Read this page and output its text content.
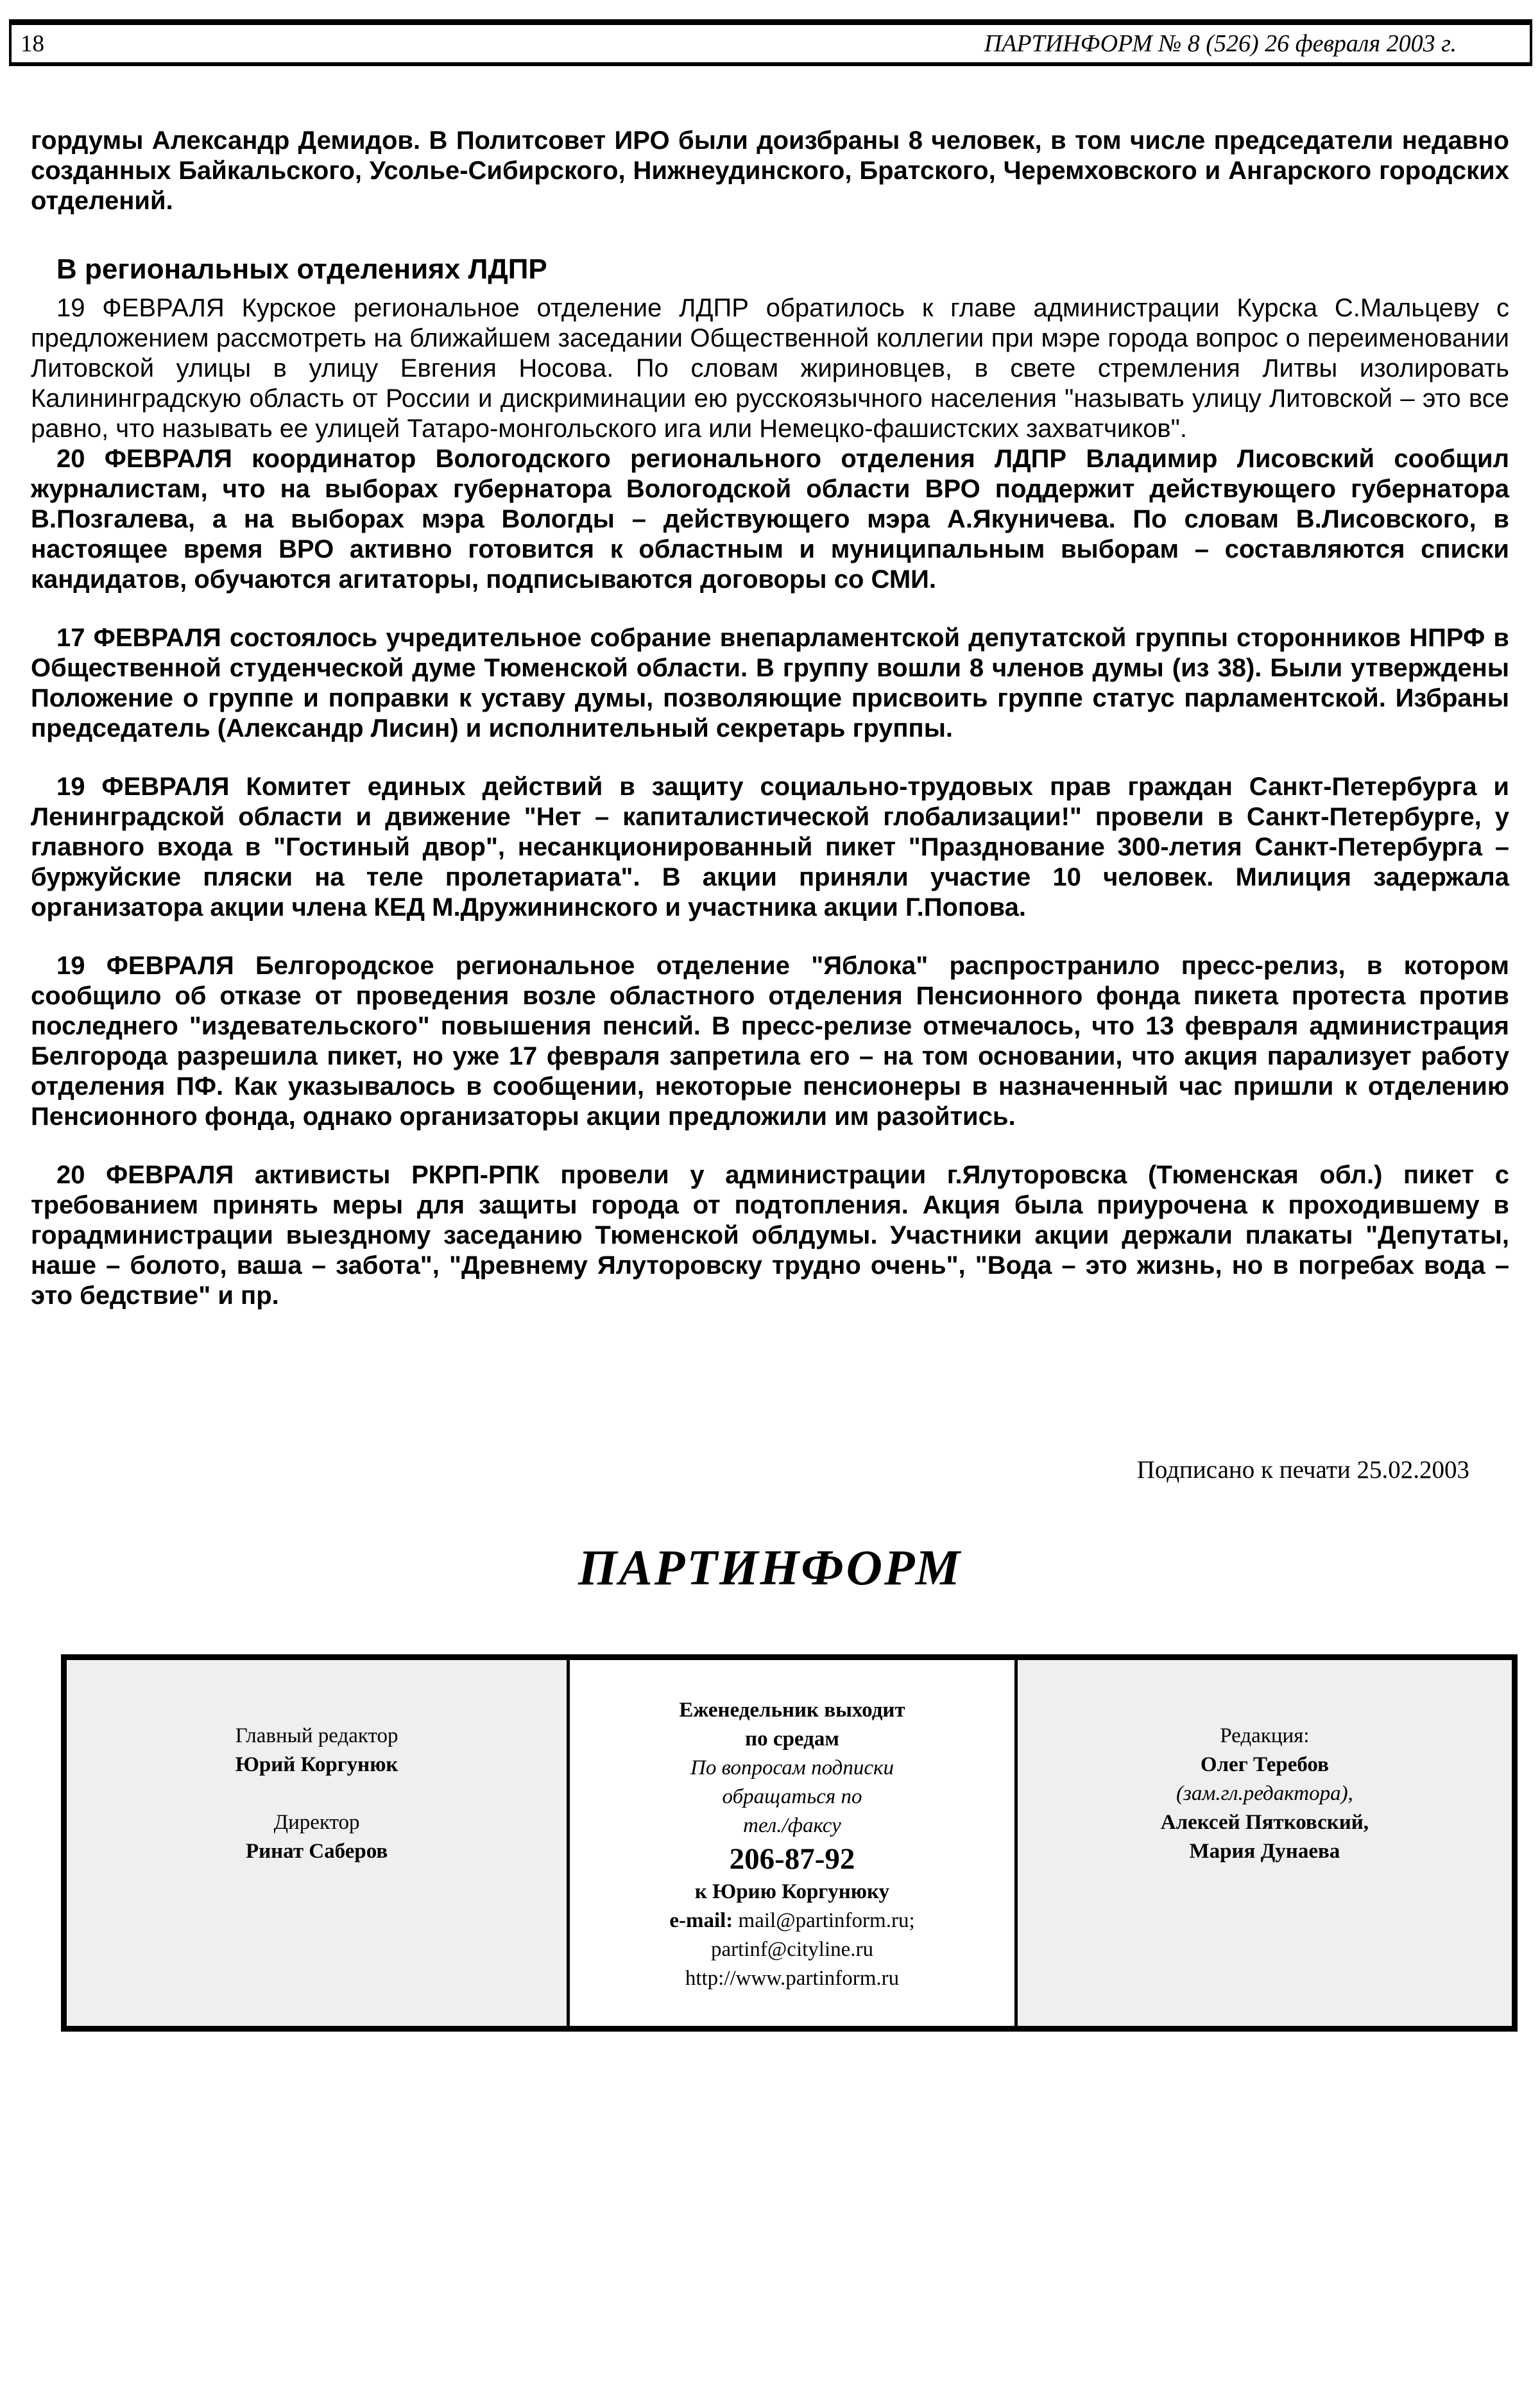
18	ПАРТИНФОРМ № 8 (526) 26 февраля 2003 г.

гордумы Александр Демидов. В Политсовет ИРО были доизбраны 8 человек, в том числе председатели недавно созданных Байкальского, Усолье-Сибирского, Нижнеудинского, Братского, Черемховского и Ангарского городских отделений.

В региональных отделениях ЛДПР

19 ФЕВРАЛЯ Курское региональное отделение ЛДПР обратилось к главе администрации Курска С.Мальцеву с предложением рассмотреть на ближайшем заседании Общественной коллегии при мэре города вопрос о переименовании Литовской улицы в улицу Евгения Носова. По словам жириновцев, в свете стремления Литвы изолировать Калининградскую область от России и дискриминации ею русскоязычного населения "называть улицу Литовской – это все равно, что называть ее улицей Татаро-монгольского ига или Немецко-фашистских захватчиков".

20 ФЕВРАЛЯ координатор Вологодского регионального отделения ЛДПР Владимир Лисовский сообщил журналистам, что на выборах губернатора Вологодской области ВРО поддержит действующего губернатора В.Позгалева, а на выборах мэра Вологды – действующего мэра А.Якуничева. По словам В.Лисовского, в настоящее время ВРО активно готовится к областным и муниципальным выборам – составляются списки кандидатов, обучаются агитаторы, подписываются договоры со СМИ.

17 ФЕВРАЛЯ состоялось учредительное собрание внепарламентской депутатской группы сторонников НПРФ в Общественной студенческой думе Тюменской области. В группу вошли 8 членов думы (из 38). Были утверждены Положение о группе и поправки к уставу думы, позволяющие присвоить группе статус парламентской. Избраны председатель (Александр Лисин) и исполнительный секретарь группы.

19 ФЕВРАЛЯ Комитет единых действий в защиту социально-трудовых прав граждан Санкт-Петербурга и Ленинградской области и движение "Нет – капиталистической глобализации!" провели в Санкт-Петербурге, у главного входа в "Гостиный двор", несанкционированный пикет "Празднование 300-летия Санкт-Петербурга – буржуйские пляски на теле пролетариата". В акции приняли участие 10 человек. Милиция задержала организатора акции члена КЕД М.Дружининского и участника акции Г.Попова.

19 ФЕВРАЛЯ Белгородское региональное отделение "Яблока" распространило пресс-релиз, в котором сообщило об отказе от проведения возле областного отделения Пенсионного фонда пикета протеста против последнего "издевательского" повышения пенсий. В пресс-релизе отмечалось, что 13 февраля администрация Белгорода разрешила пикет, но уже 17 февраля запретила его – на том основании, что акция парализует работу отделения ПФ. Как указывалось в сообщении, некоторые пенсионеры в назначенный час пришли к отделению Пенсионного фонда, однако организаторы акции предложили им разойтись.

20 ФЕВРАЛЯ активисты РКРП-РПК провели у администрации г.Ялуторовска (Тюменская обл.) пикет с требованием принять меры для защиты города от подтопления. Акция была приурочена к проходившему в горадминистрации выездному заседанию Тюменской облдумы. Участники акции держали плакаты "Депутаты, наше – болото, ваша – забота", "Древнему Ялуторовску трудно очень", "Вода – это жизнь, но в погребах вода – это бедствие" и пр.

Подписано к печати 25.02.2003
ПАРТИНФОРМ
Главный редактор
Юрий Коргунюк
Директор
Ринат Саберов
Еженедельник выходит
по средам
По вопросам подписки
обращаться по
тел./факсу
206-87-92
к Юрию Коргунюку
e-mail: mail@partinform.ru;
partinf@cityline.ru
http://www.partinform.ru
Редакция:
Олег Теребов
(зам.гл.редактора),
Алексей Пятковский,
Мария Дунаева
